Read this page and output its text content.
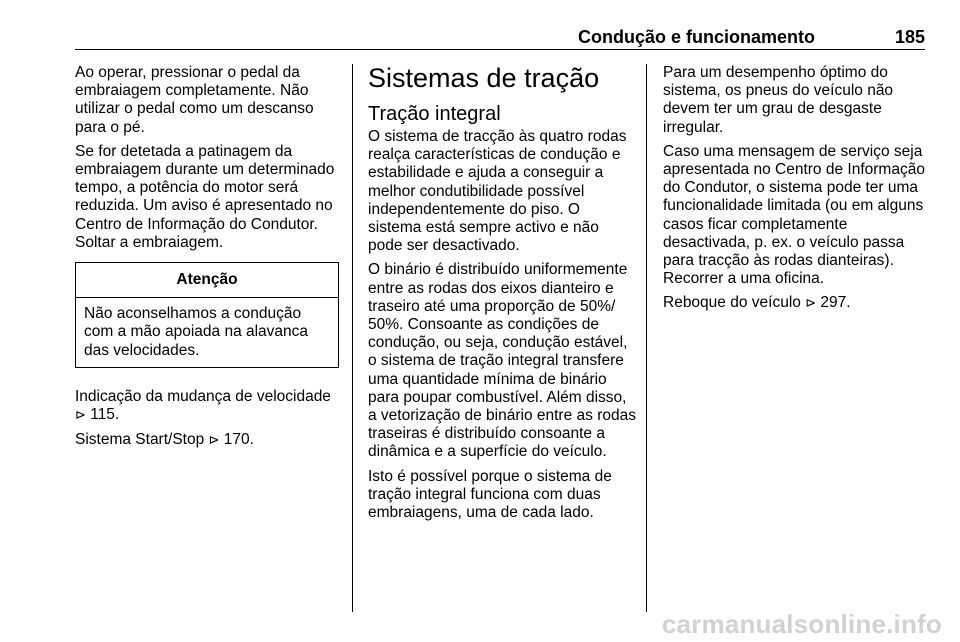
Condução e funcionamento	185

Ao operar, pressionar o pedal da embraiagem completamente. Não utilizar o pedal como um descanso para o pé.

Se for detetada a patinagem da embraiagem durante um determinado tempo, a potência do motor será reduzida. Um aviso é apresentado no Centro de Informação do Condutor. Soltar a embraiagem.

Atenção
Não aconselhamos a condução com a mão apoiada na alavanca das velocidades.

Indicação da mudança de velocidade ⊳ 115.

Sistema Start/Stop ⊳ 170.

Sistemas de tração
Tração integral

O sistema de tracção às quatro rodas realça características de condução e estabilidade e ajuda a conseguir a melhor condutibilidade possível independentemente do piso. O sistema está sempre activo e não pode ser desactivado.

O binário é distribuído uniformemente entre as rodas dos eixos dianteiro e traseiro até uma proporção de 50%/ 50%. Consoante as condições de condução, ou seja, condução estável, o sistema de tração integral transfere uma quantidade mínima de binário para poupar combustível. Além disso, a vetorização de binário entre as rodas traseiras é distribuído consoante a dinâmica e a superfície do veículo.

Isto é possível porque o sistema de tração integral funciona com duas embraiagens, uma de cada lado.

Para um desempenho óptimo do sistema, os pneus do veículo não devem ter um grau de desgaste irregular.

Caso uma mensagem de serviço seja apresentada no Centro de Informação do Condutor, o sistema pode ter uma funcionalidade limitada (ou em alguns casos ficar completamente desactivada, p. ex. o veículo passa para tracção às rodas dianteiras). Recorrer a uma oficina.

Reboque do veículo ⊳ 297.

carmanualsonline.info
